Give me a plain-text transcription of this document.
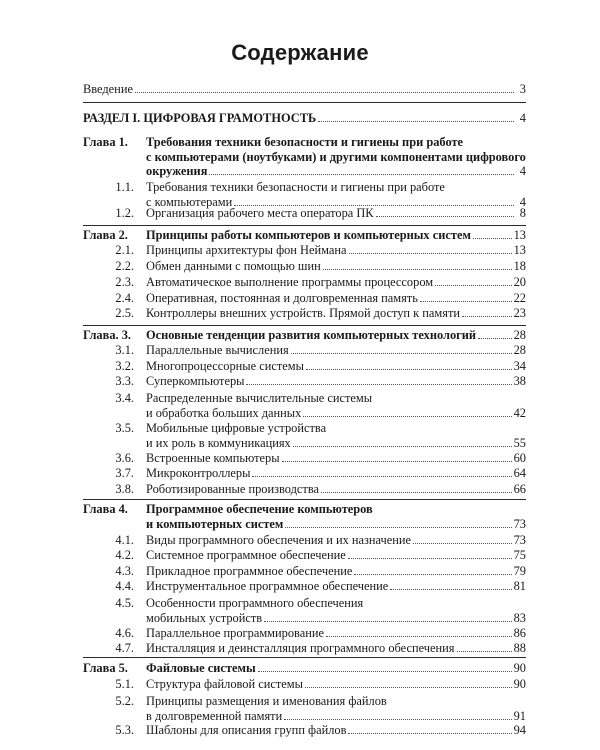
Содержание
Введение	3
РАЗДЕЛ I. ЦИФРОВАЯ ГРАМОТНОСТЬ	4
Глава 1. Требования техники безопасности и гигиены при работе
с компьютерами (ноутбуками) и другими компонентами цифрового
окружения	4
1.1. Требования техники безопасности и гигиены при работе
с компьютерами	4
1.2. Организация рабочего места оператора ПК	8
Глава 2. Принципы работы компьютеров и компьютерных систем	13
2.1. Принципы архитектуры фон Неймана	13
2.2. Обмен данными с помощью шин	18
2.3. Автоматическое выполнение программы процессором	20
2.4. Оперативная, постоянная и долговременная память	22
2.5. Контроллеры внешних устройств. Прямой доступ к памяти	23
Глава. 3. Основные тенденции развития компьютерных технологий	28
3.1. Параллельные вычисления	28
3.2. Многопроцессорные системы	34
3.3. Суперкомпьютеры	38
3.4. Распределенные вычислительные системы
и обработка больших данных	42
3.5. Мобильные цифровые устройства
и их роль в коммуникациях	55
3.6. Встроенные компьютеры	60
3.7. Микроконтроллеры	64
3.8. Роботизированные производства	66
Глава 4. Программное обеспечение компьютеров
и компьютерных систем	73
4.1. Виды программного обеспечения и их назначение	73
4.2. Системное программное обеспечение	75
4.3. Прикладное программное обеспечение	79
4.4. Инструментальное программное обеспечение	81
4.5. Особенности программного обеспечения
мобильных устройств	83
4.6. Параллельное программирование	86
4.7. Инсталляция и деинсталляция программного обеспечения	88
Глава 5. Файловые системы	90
5.1. Структура файловой системы	90
5.2. Принципы размещения и именования файлов
в долговременной памяти	91
5.3. Шаблоны для описания групп файлов	94
